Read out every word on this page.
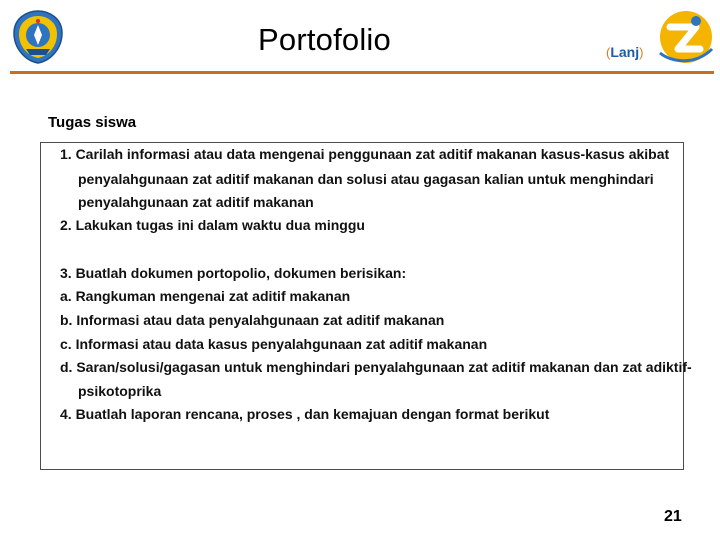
Portofolio	(Lanj)
Tugas siswa
1. Carilah informasi atau data mengenai penggunaan zat aditif makanan kasus-kasus akibat
penyalahgunaan zat aditif makanan dan solusi atau gagasan kalian untuk menghindari
penyalahgunaan zat aditif makanan
2. Lakukan tugas ini dalam waktu dua minggu
3. Buatlah dokumen portopolio, dokumen berisikan:
a. Rangkuman mengenai zat aditif makanan
b. Informasi atau data penyalahgunaan zat aditif makanan
c. Informasi atau data kasus penyalahgunaan zat aditif makanan
d. Saran/solusi/gagasan untuk menghindari penyalahgunaan zat aditif makanan dan zat adiktif-
psikotoprika
4. Buatlah laporan rencana, proses , dan kemajuan dengan format berikut
21
